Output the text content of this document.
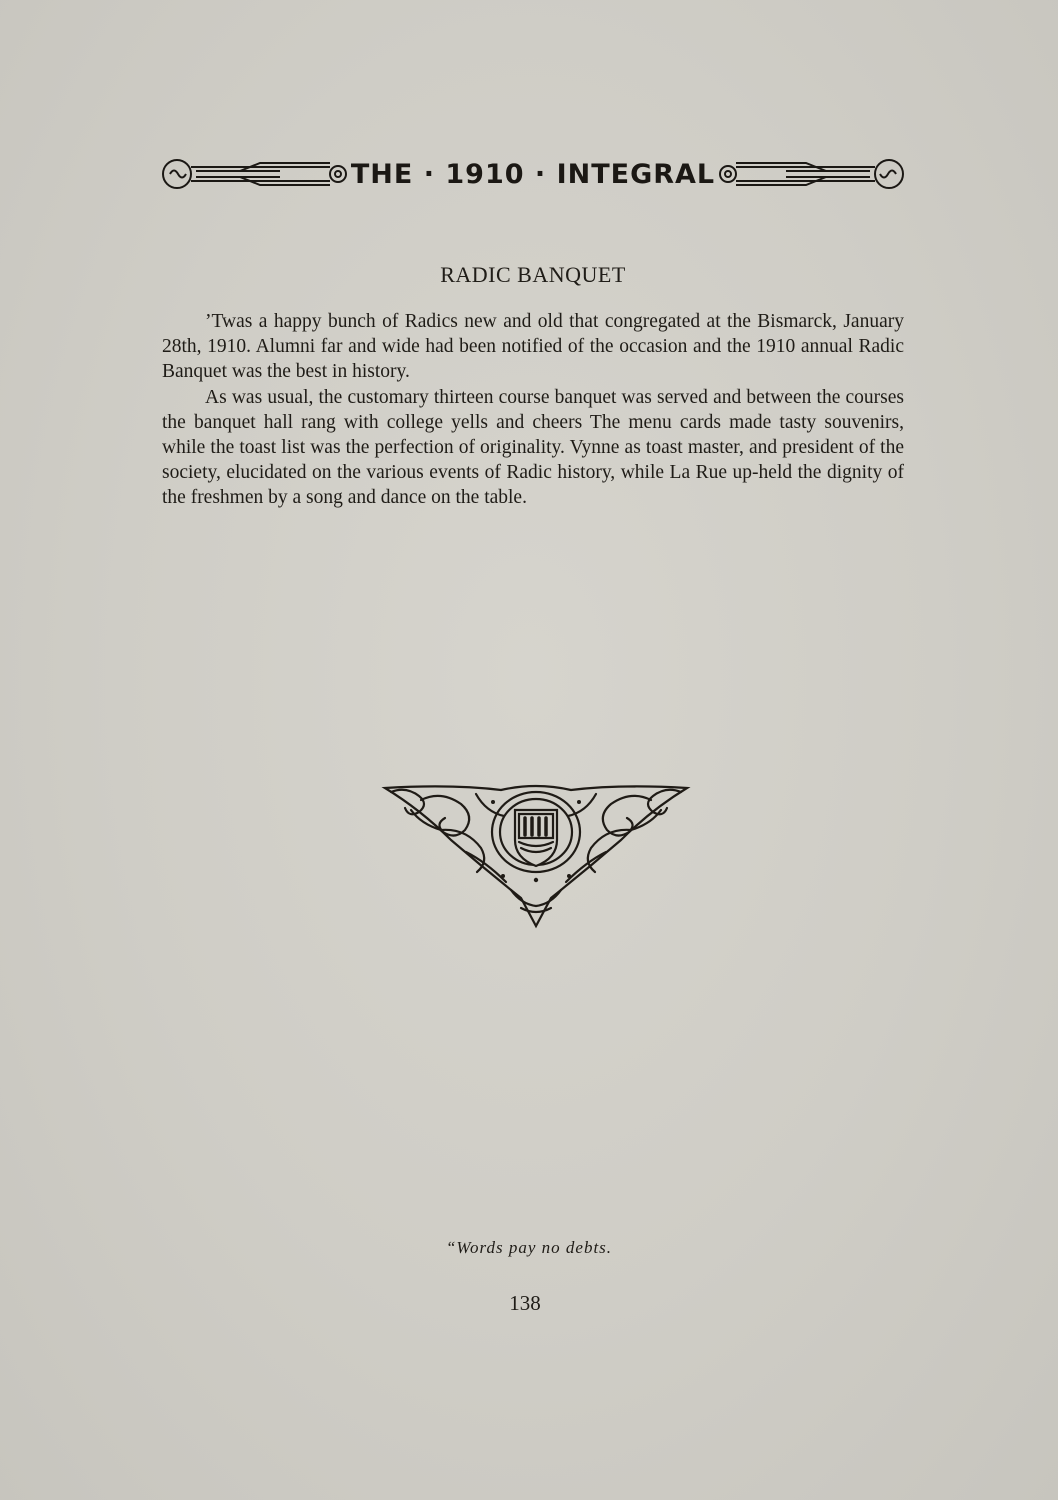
THE · 1910 · INTEGRAL
RADIC BANQUET

’Twas a happy bunch of Radics new and old that congregated at the Bismarck, January 28th, 1910. Alumni far and wide had been notified of the occasion and the 1910 annual Radic Banquet was the best in history.

As was usual, the customary thirteen course banquet was served and between the courses the banquet hall rang with college yells and cheers The menu cards made tasty souvenirs, while the toast list was the perfection of originality. Vynne as toast master, and president of the society, elucidated on the various events of Radic history, while La Rue up-held the dignity of the freshmen by a song and dance on the table.

“Words pay no debts.
138
